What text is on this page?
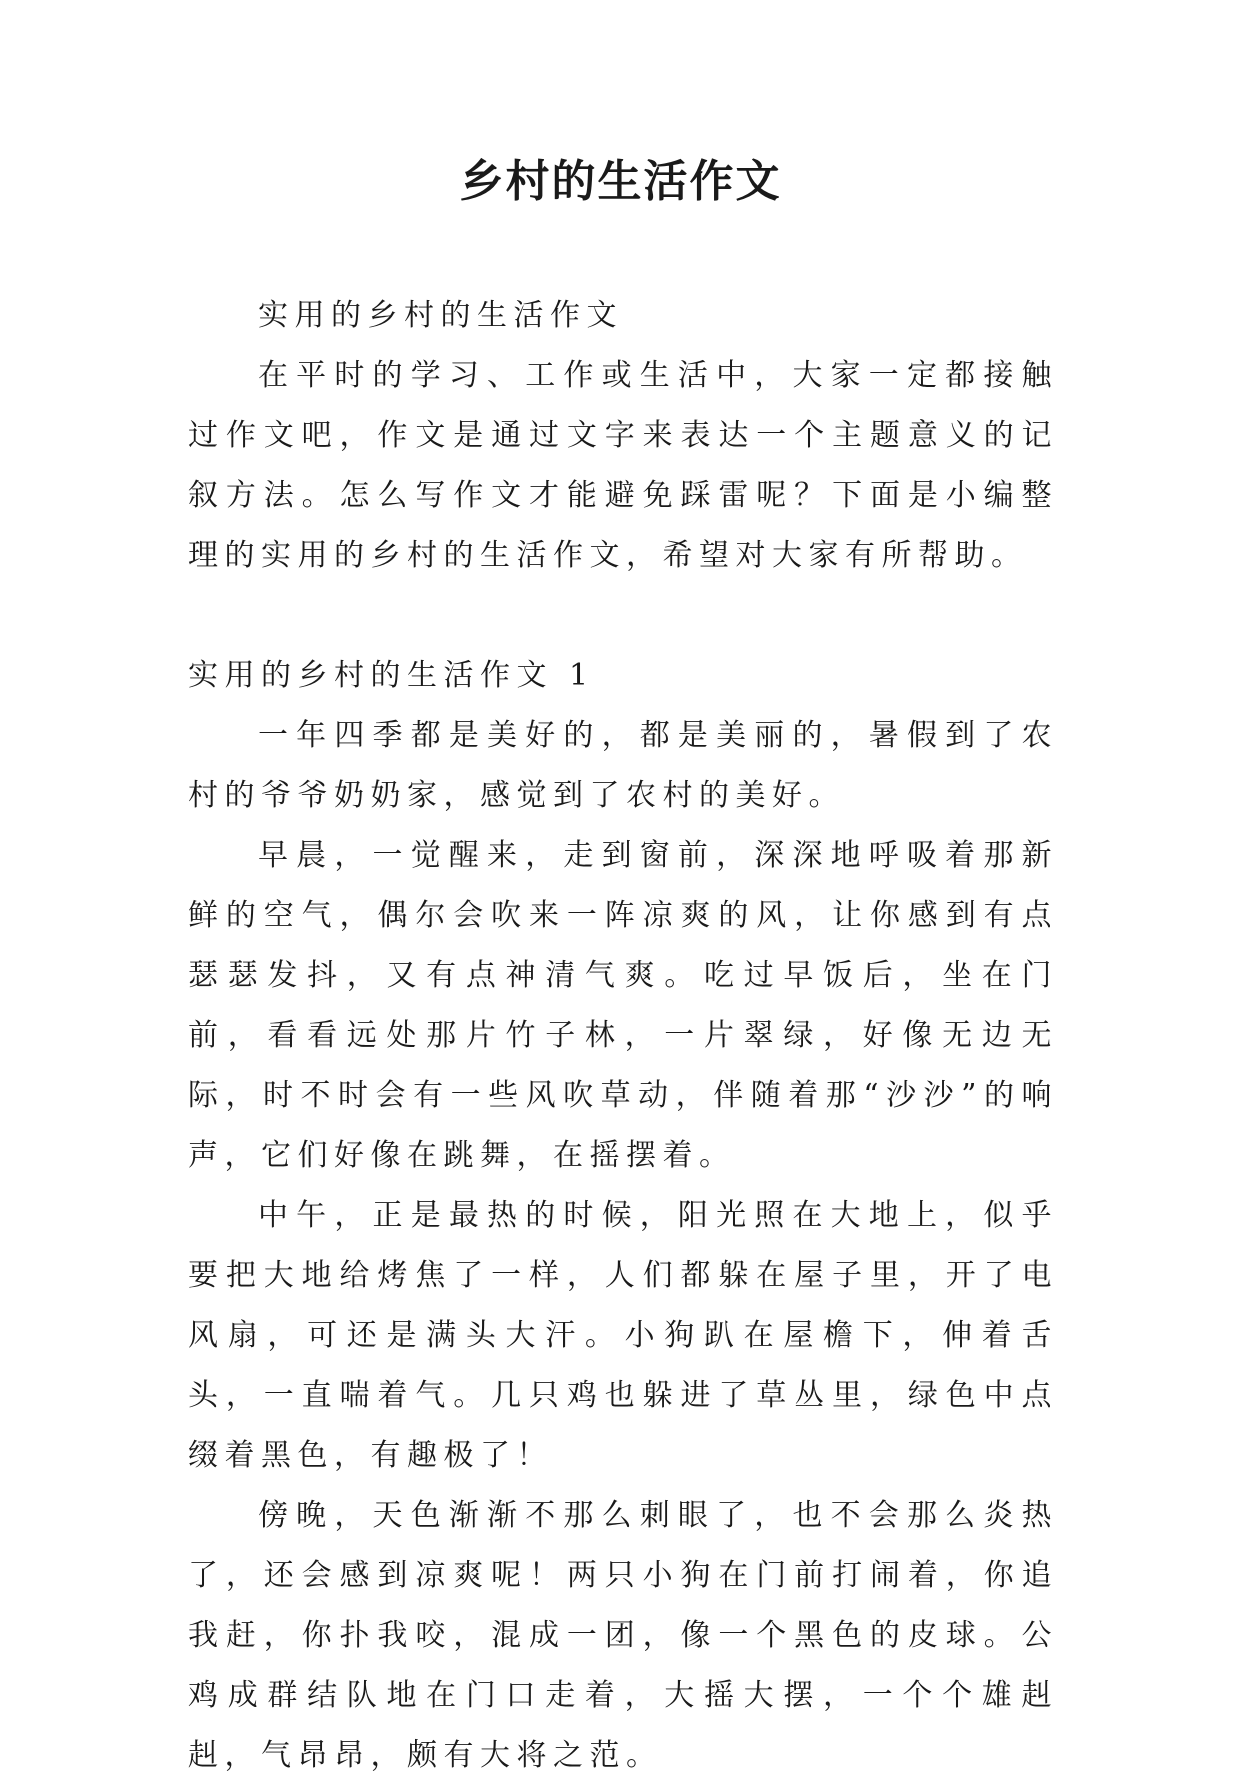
乡村的生活作文

实用的乡村的生活作文

在平时的学习、工作或生活中，大家一定都接触过作文吧，作文是通过文字来表达一个主题意义的记叙方法。怎么写作文才能避免踩雷呢？下面是小编整理的实用的乡村的生活作文，希望对大家有所帮助。

实用的乡村的生活作文 1

一年四季都是美好的，都是美丽的，暑假到了农村的爷爷奶奶家，感觉到了农村的美好。

早晨，一觉醒来，走到窗前，深深地呼吸着那新鲜的空气，偶尔会吹来一阵凉爽的风，让你感到有点瑟瑟发抖，又有点神清气爽。吃过早饭后，坐在门前，看看远处那片竹子林，一片翠绿，好像无边无际，时不时会有一些风吹草动，伴随着那“沙沙”的响声，它们好像在跳舞，在摇摆着。

中午，正是最热的时候，阳光照在大地上，似乎要把大地给烤焦了一样，人们都躲在屋子里，开了电风扇，可还是满头大汗。小狗趴在屋檐下，伸着舌头，一直喘着气。几只鸡也躲进了草丛里，绿色中点缀着黑色，有趣极了！

傍晚，天色渐渐不那么刺眼了，也不会那么炎热了，还会感到凉爽呢！两只小狗在门前打闹着，你追我赶，你扑我咬，混成一团，像一个黑色的皮球。公鸡成群结队地在门口走着，大摇大摆，一个个雄赳赳，气昂昂，颇有大将之范。
